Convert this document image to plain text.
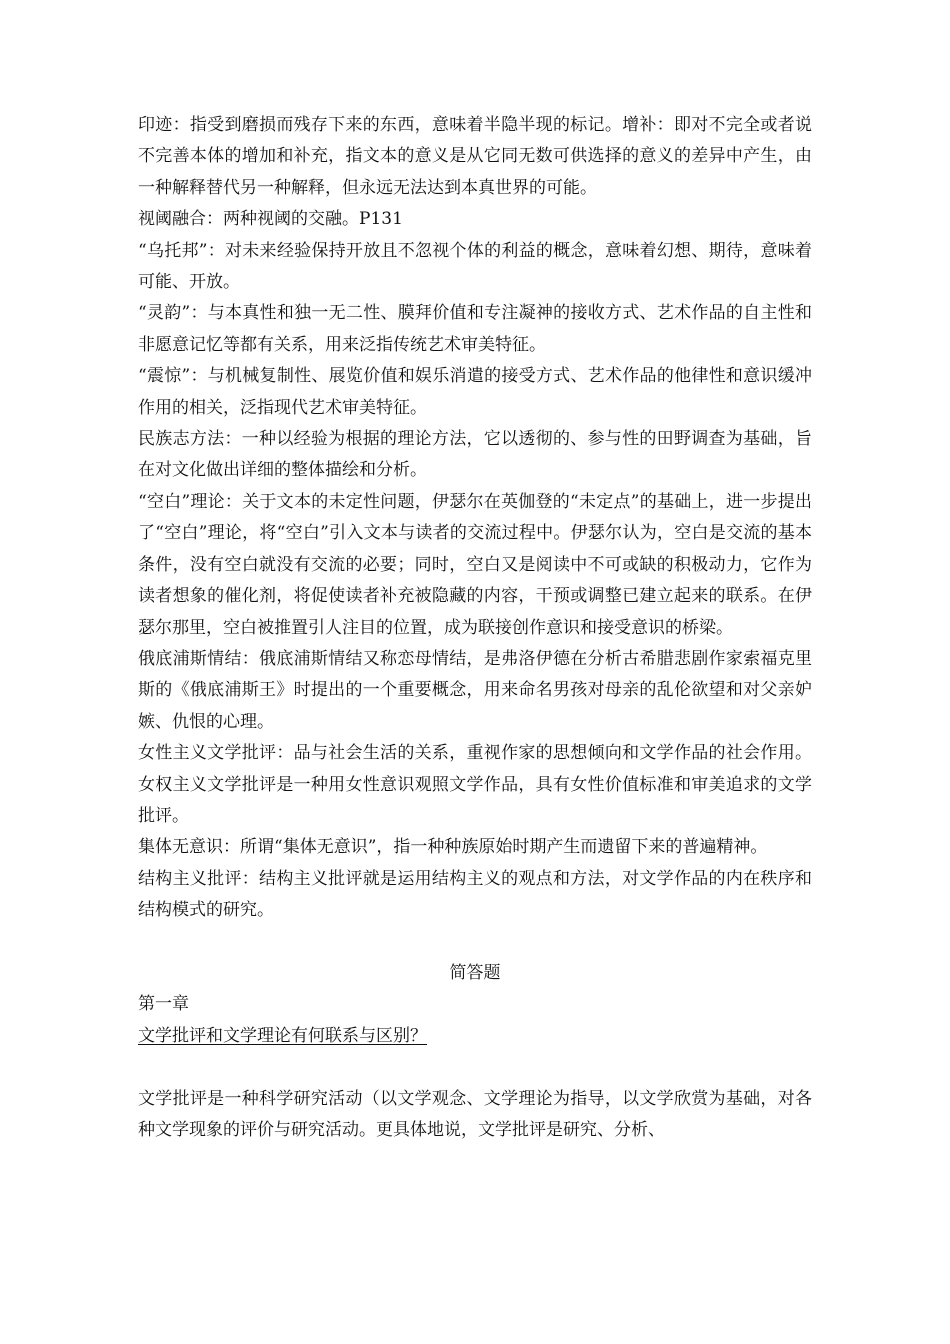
印迹：指受到磨损而残存下来的东西，意味着半隐半现的标记。增补：即对不完全或者说不完善本体的增加和补充，指文本的意义是从它同无数可供选择的意义的差异中产生，由一种解释替代另一种解释，但永远无法达到本真世界的可能。

视阈融合：两种视阈的交融。P131

“乌托邦”：对未来经验保持开放且不忽视个体的利益的概念，意味着幻想、期待，意味着可能、开放。

“灵韵”：与本真性和独一无二性、膜拜价值和专注凝神的接收方式、艺术作品的自主性和非愿意记忆等都有关系，用来泛指传统艺术审美特征。

“震惊”：与机械复制性、展览价值和娱乐消遣的接受方式、艺术作品的他律性和意识缓冲作用的相关，泛指现代艺术审美特征。

民族志方法：一种以经验为根据的理论方法，它以透彻的、参与性的田野调查为基础，旨在对文化做出详细的整体描绘和分析。

“空白”理论：关于文本的未定性问题，伊瑟尔在英伽登的“未定点”的基础上，进一步提出了“空白”理论，将“空白”引入文本与读者的交流过程中。伊瑟尔认为，空白是交流的基本条件，没有空白就没有交流的必要；同时，空白又是阅读中不可或缺的积极动力，它作为读者想象的催化剂，将促使读者补充被隐藏的内容，干预或调整已建立起来的联系。在伊瑟尔那里，空白被推置引人注目的位置，成为联接创作意识和接受意识的桥梁。

俄底浦斯情结：俄底浦斯情结又称恋母情结，是弗洛伊德在分析古希腊悲剧作家索福克里斯的《俄底浦斯王》时提出的一个重要概念，用来命名男孩对母亲的乱伦欲望和对父亲妒嫉、仇恨的心理。

女性主义文学批评：品与社会生活的关系，重视作家的思想倾向和文学作品的社会作用。女权主义文学批评是一种用女性意识观照文学作品，具有女性价值标准和审美追求的文学批评。

集体无意识：所谓“集体无意识”，指一种种族原始时期产生而遗留下来的普遍精神。

结构主义批评：结构主义批评就是运用结构主义的观点和方法，对文学作品的内在秩序和结构模式的研究。

简答题

第一章

文学批评和文学理论有何联系与区别？

文学批评是一种科学研究活动（以文学观念、文学理论为指导，以文学欣赏为基础，对各种文学现象的评价与研究活动。更具体地说，文学批评是研究、分析、
